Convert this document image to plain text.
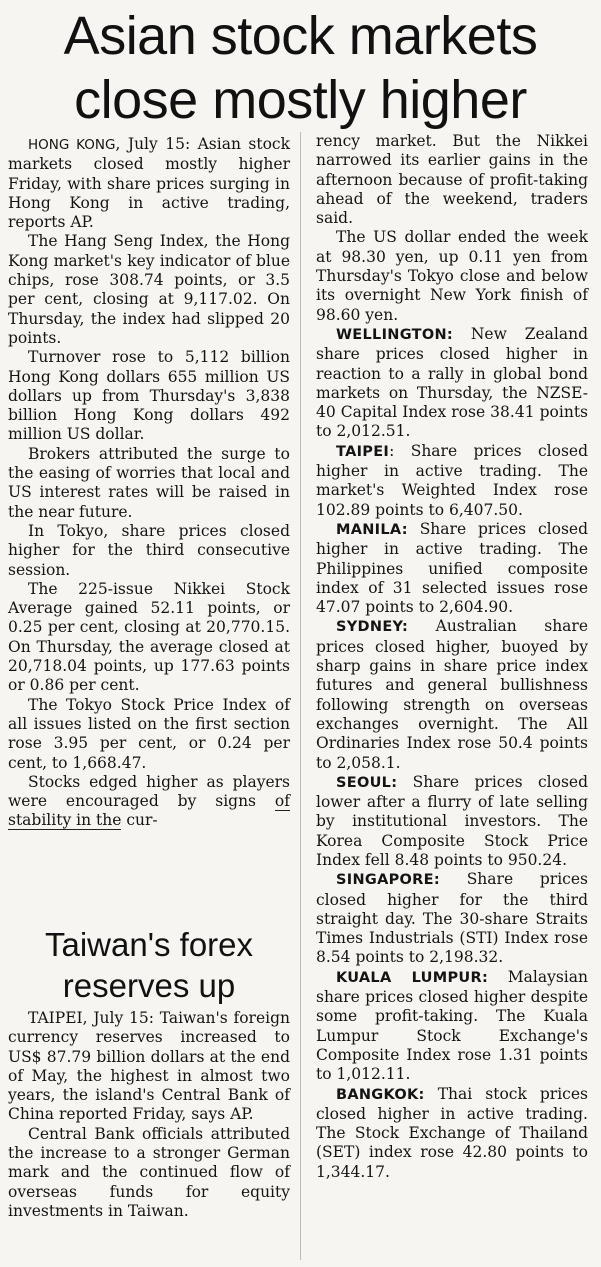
Asian stock markets
close mostly higher

HONG KONG, July 15: Asian stock markets closed mostly higher Friday, with share prices surging in Hong Kong in active trading, reports AP.

The Hang Seng Index, the Hong Kong market's key indicator of blue chips, rose 308.74 points, or 3.5 per cent, closing at 9,117.02. On Thursday, the index had slipped 20 points.

Turnover rose to 5,112 billion Hong Kong dollars 655 million US dollars up from Thursday's 3,838 billion Hong Kong dollars 492 million US dollar.

Brokers attributed the surge to the easing of worries that local and US interest rates will be raised in the near future.

In Tokyo, share prices closed higher for the third consecutive session.

The 225-issue Nikkei Stock Average gained 52.11 points, or 0.25 per cent, closing at 20,770.15. On Thursday, the average closed at 20,718.04 points, up 177.63 points or 0.86 per cent.

The Tokyo Stock Price Index of all issues listed on the first section rose 3.95 per cent, or 0.24 per cent, to 1,668.47.

Stocks edged higher as players were encouraged by signs of stability in the cur-

Taiwan's forex
reserves up

TAIPEI, July 15: Taiwan's foreign currency reserves increased to US$ 87.79 billion dollars at the end of May, the highest in almost two years, the island's Central Bank of China reported Friday, says AP.

Central Bank officials attributed the increase to a stronger German mark and the continued flow of overseas funds for equity investments in Taiwan.

rency market. But the Nikkei narrowed its earlier gains in the afternoon because of profit-taking ahead of the weekend, traders said.

The US dollar ended the week at 98.30 yen, up 0.11 yen from Thursday's Tokyo close and below its overnight New York finish of 98.60 yen.

WELLINGTON: New Zealand share prices closed higher in reaction to a rally in global bond markets on Thursday, the NZSE-40 Capital Index rose 38.41 points to 2,012.51.

TAIPEI: Share prices closed higher in active trading. The market's Weighted Index rose 102.89 points to 6,407.50.

MANILA: Share prices closed higher in active trading. The Philippines unified composite index of 31 selected issues rose 47.07 points to 2,604.90.

SYDNEY: Australian share prices closed higher, buoyed by sharp gains in share price index futures and general bullishness following strength on overseas exchanges overnight. The All Ordinaries Index rose 50.4 points to 2,058.1.

SEOUL: Share prices closed lower after a flurry of late selling by institutional investors. The Korea Composite Stock Price Index fell 8.48 points to 950.24.

SINGAPORE: Share prices closed higher for the third straight day. The 30-share Straits Times Industrials (STI) Index rose 8.54 points to 2,198.32.

KUALA LUMPUR: Malaysian share prices closed higher despite some profit-taking. The Kuala Lumpur Stock Exchange's Composite Index rose 1.31 points to 1,012.11.

BANGKOK: Thai stock prices closed higher in active trading. The Stock Exchange of Thailand (SET) index rose 42.80 points to 1,344.17.
